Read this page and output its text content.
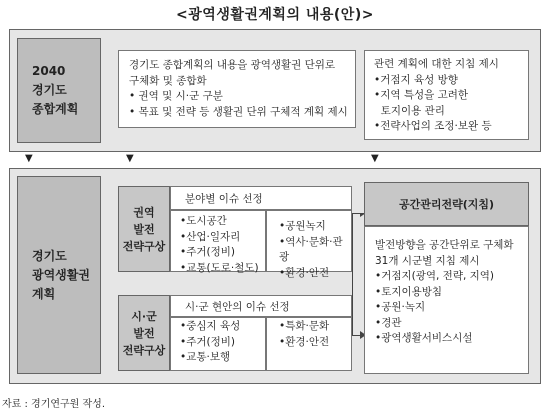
<광역생활권계획의 내용(안)>
2040
경기도
종합계획
경기도 종합계획의 내용을 광역생활권 단위로
구체화 및 종합화
• 권역 및 시·군 구분
• 목표 및 전략 등 생활권 단위 구체적 계획 제시
관련 계획에 대한 지침 제시
•거점지 육성 방향
•지역 특성을 고려한
토지이용 관리
•전략사업의 조정·보완 등
▼	▼	▼
경기도
광역생활권
계획
권역
발전
전략구상
분야별 이슈 선정
•도시공간
•산업·일자리
•주거(정비)
•교통(도로·철도)
•공원녹지
•역사·문화·관광
•환경·안전
시·군
발전
전략구상
시·군 현안의 이슈 선정
•중심지 육성
•주거(정비)
•교통·보행
•특화·문화
•환경·안전
공간관리전략(지침)
발전방향을 공간단위로 구체화
31개 시군별 지침 제시
•거점지(광역, 전략, 지역)
•토지이용방침
•공원·녹지
•경관
•광역생활서비스시설
자료 : 경기연구원 작성.
